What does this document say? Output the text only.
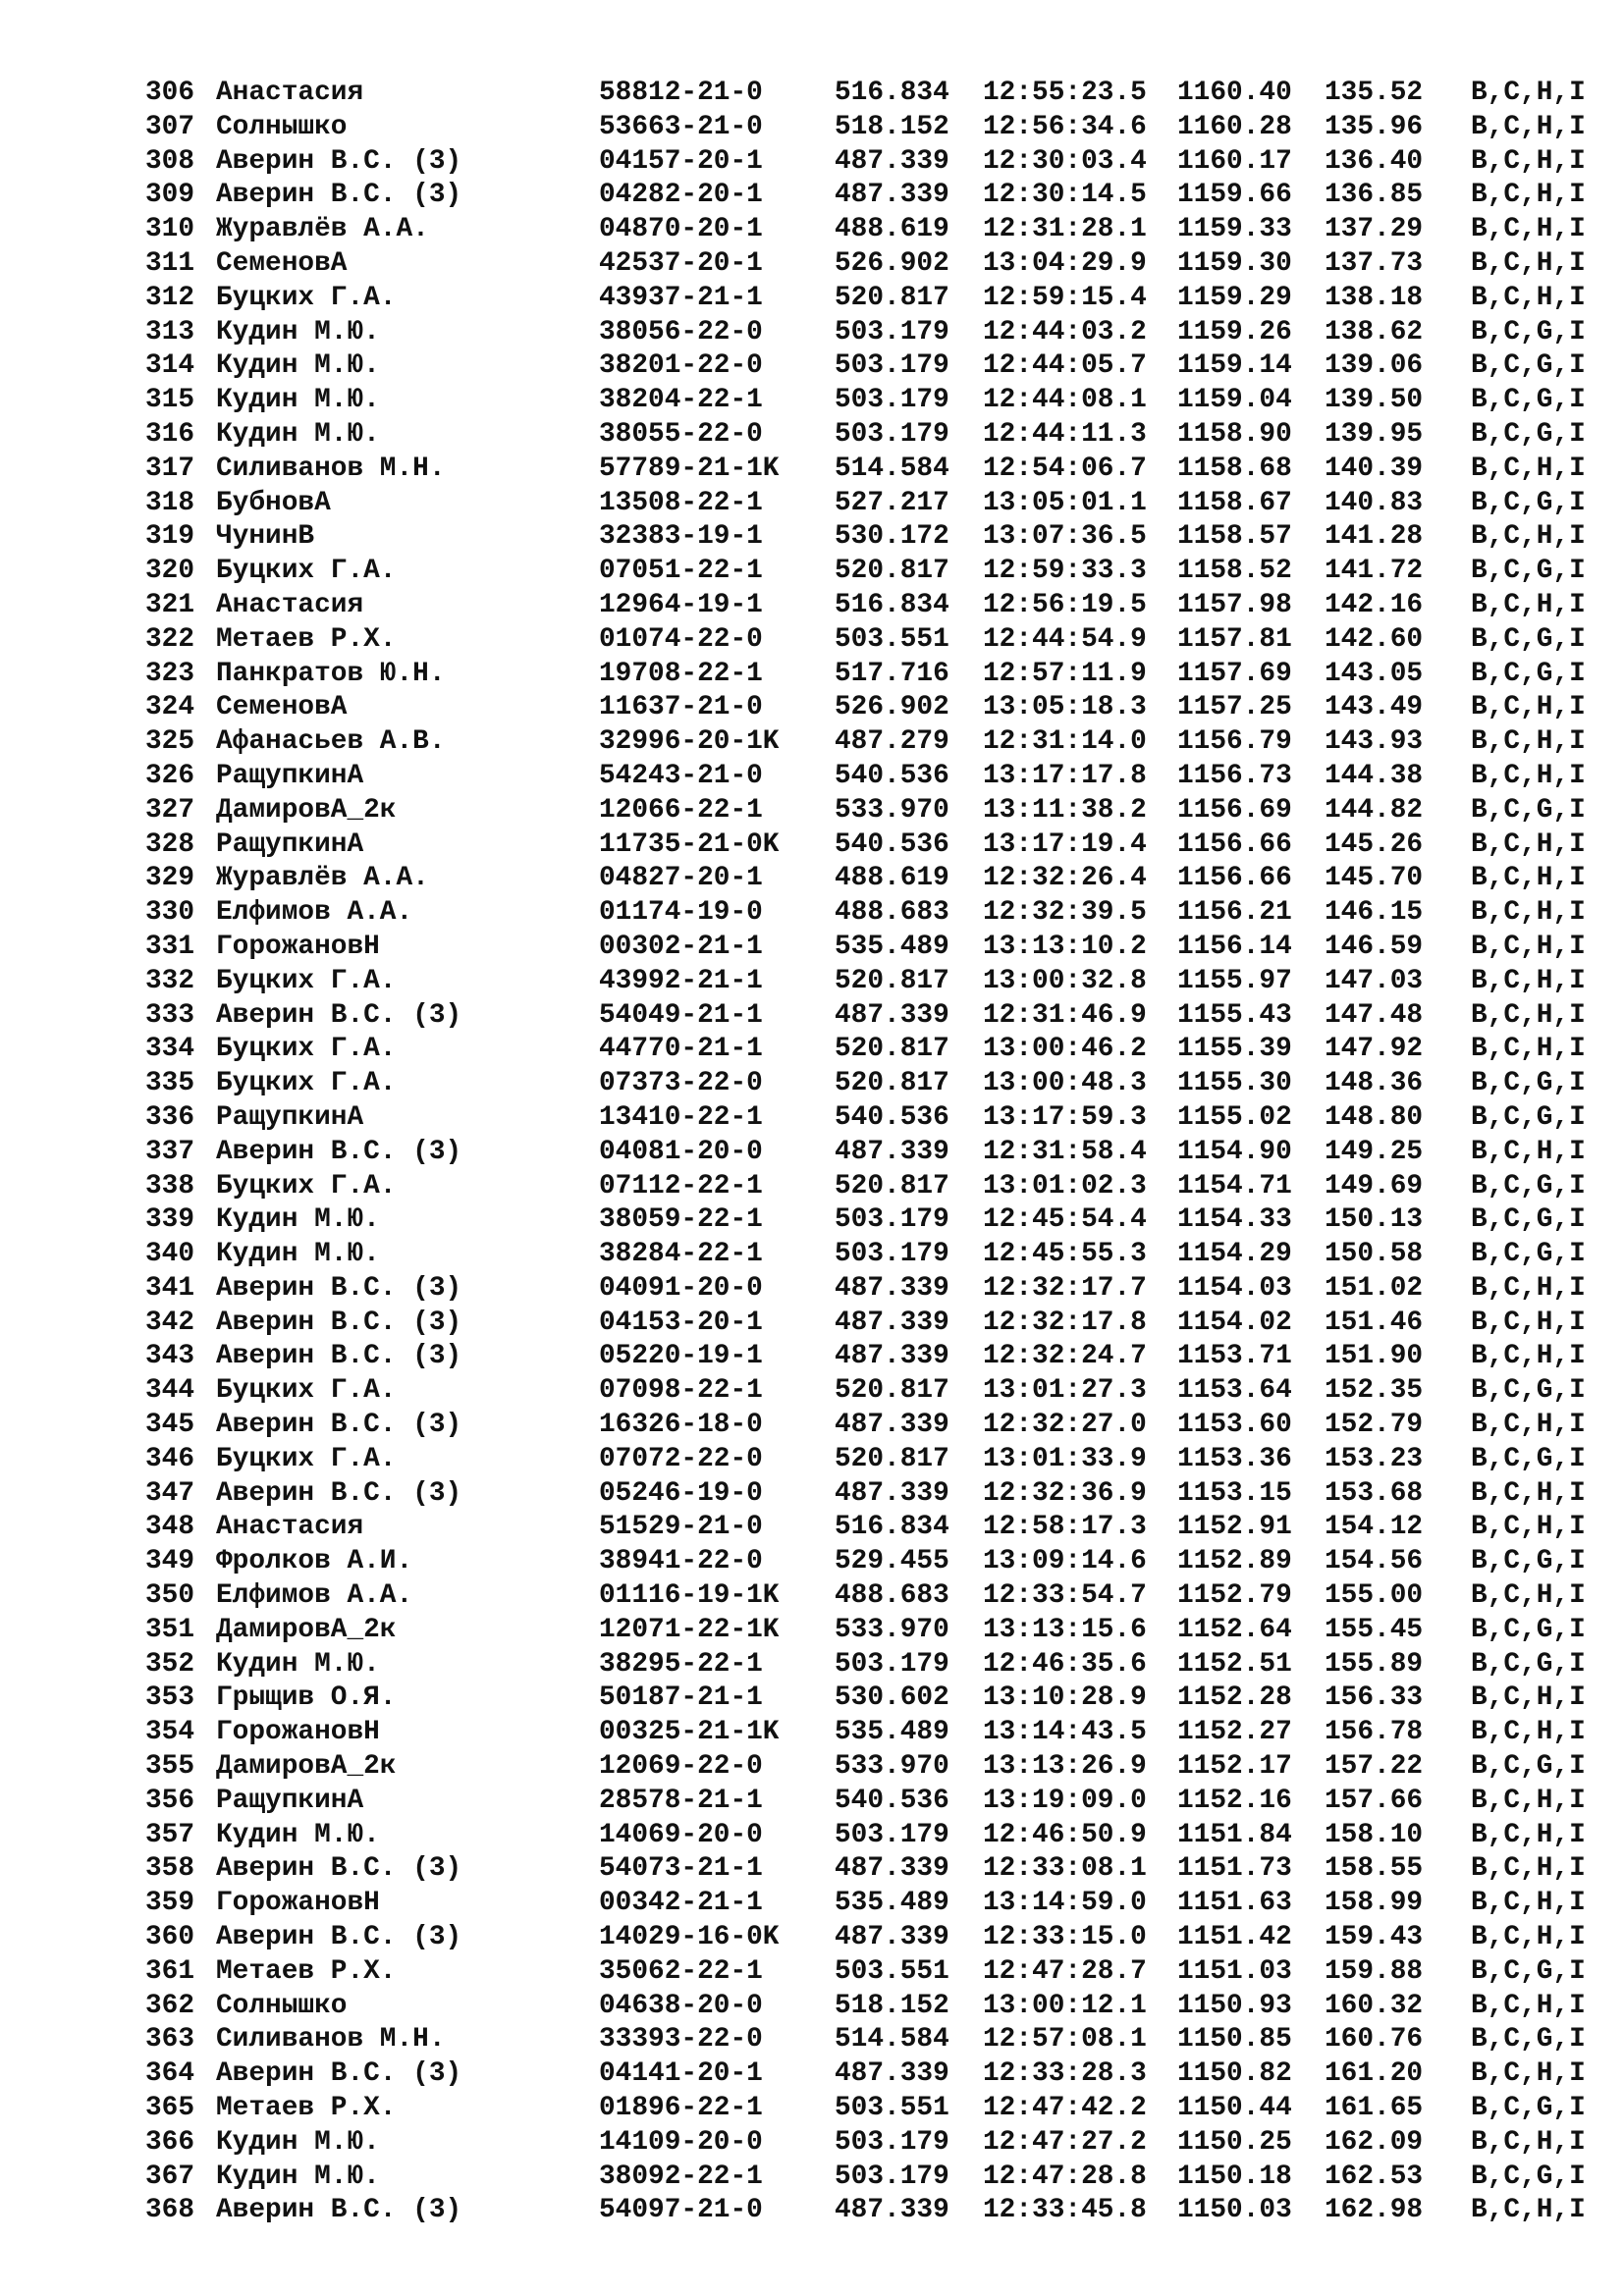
306 Анастасия	58812-21-0	516.834 12:55:23.5 1160.40 135.52 B,C,H,I
307 Солнышко	53663-21-0	518.152 12:56:34.6 1160.28 135.96 B,C,H,I
308 Аверин В.С. (3)	04157-20-1	487.339 12:30:03.4 1160.17 136.40 B,C,H,I
309 Аверин В.С. (3)	04282-20-1	487.339 12:30:14.5 1159.66 136.85 B,C,H,I
310 Журавлёв А.А.	04870-20-1	488.619 12:31:28.1 1159.33 137.29 B,C,H,I
311 СеменовА	42537-20-1	526.902 13:04:29.9 1159.30 137.73 B,C,H,I
312 Буцких Г.А.	43937-21-1	520.817 12:59:15.4 1159.29 138.18 B,C,H,I
313 Кудин М.Ю.	38056-22-0	503.179 12:44:03.2 1159.26 138.62 B,C,G,I
314 Кудин М.Ю.	38201-22-0	503.179 12:44:05.7 1159.14 139.06 B,C,G,I
315 Кудин М.Ю.	38204-22-1	503.179 12:44:08.1 1159.04 139.50 B,C,G,I
316 Кудин М.Ю.	38055-22-0	503.179 12:44:11.3 1158.90 139.95 B,C,G,I
317 Силиванов М.Н.	57789-21-1K 514.584 12:54:06.7 1158.68 140.39 B,C,H,I
318 БубновА	13508-22-1	527.217 13:05:01.1 1158.67 140.83 B,C,G,I
319 ЧунинВ	32383-19-1	530.172 13:07:36.5 1158.57 141.28 B,C,H,I
320 Буцких Г.А.	07051-22-1	520.817 12:59:33.3 1158.52 141.72 B,C,G,I
321 Анастасия	12964-19-1	516.834 12:56:19.5 1157.98 142.16 B,C,H,I
322 Метаев Р.Х.	01074-22-0	503.551 12:44:54.9 1157.81 142.60 B,C,G,I
323 Панкратов Ю.Н.	19708-22-1	517.716 12:57:11.9 1157.69 143.05 B,C,G,I
324 СеменовА	11637-21-0	526.902 13:05:18.3 1157.25 143.49 B,C,H,I
325 Афанасьев А.В.	32996-20-1K 487.279 12:31:14.0 1156.79 143.93 B,C,H,I
326 РащупкинА	54243-21-0	540.536 13:17:17.8 1156.73 144.38 B,C,H,I
327 ДамировА_2к	12066-22-1	533.970 13:11:38.2 1156.69 144.82 B,C,G,I
328 РащупкинА	11735-21-0K 540.536 13:17:19.4 1156.66 145.26 B,C,H,I
329 Журавлёв А.А.	04827-20-1	488.619 12:32:26.4 1156.66 145.70 B,C,H,I
330 Елфимов А.А.	01174-19-0	488.683 12:32:39.5 1156.21 146.15 B,C,H,I
331 ГорожановН	00302-21-1	535.489 13:13:10.2 1156.14 146.59 B,C,H,I
332 Буцких Г.А.	43992-21-1	520.817 13:00:32.8 1155.97 147.03 B,C,H,I
333 Аверин В.С. (3)	54049-21-1	487.339 12:31:46.9 1155.43 147.48 B,C,H,I
334 Буцких Г.А.	44770-21-1	520.817 13:00:46.2 1155.39 147.92 B,C,H,I
335 Буцких Г.А.	07373-22-0	520.817 13:00:48.3 1155.30 148.36 B,C,G,I
336 РащупкинА	13410-22-1	540.536 13:17:59.3 1155.02 148.80 B,C,G,I
337 Аверин В.С. (3)	04081-20-0	487.339 12:31:58.4 1154.90 149.25 B,C,H,I
338 Буцких Г.А.	07112-22-1	520.817 13:01:02.3 1154.71 149.69 B,C,G,I
339 Кудин М.Ю.	38059-22-1	503.179 12:45:54.4 1154.33 150.13 B,C,G,I
340 Кудин М.Ю.	38284-22-1	503.179 12:45:55.3 1154.29 150.58 B,C,G,I
341 Аверин В.С. (3)	04091-20-0	487.339 12:32:17.7 1154.03 151.02 B,C,H,I
342 Аверин В.С. (3)	04153-20-1	487.339 12:32:17.8 1154.02 151.46 B,C,H,I
343 Аверин В.С. (3)	05220-19-1	487.339 12:32:24.7 1153.71 151.90 B,C,H,I
344 Буцких Г.А.	07098-22-1	520.817 13:01:27.3 1153.64 152.35 B,C,G,I
345 Аверин В.С. (3)	16326-18-0	487.339 12:32:27.0 1153.60 152.79 B,C,H,I
346 Буцких Г.А.	07072-22-0	520.817 13:01:33.9 1153.36 153.23 B,C,G,I
347 Аверин В.С. (3)	05246-19-0	487.339 12:32:36.9 1153.15 153.68 B,C,H,I
348 Анастасия	51529-21-0	516.834 12:58:17.3 1152.91 154.12 B,C,H,I
349 Фролков А.И.	38941-22-0	529.455 13:09:14.6 1152.89 154.56 B,C,G,I
350 Елфимов А.А.	01116-19-1K 488.683 12:33:54.7 1152.79 155.00 B,C,H,I
351 ДамировА_2к	12071-22-1K 533.970 13:13:15.6 1152.64 155.45 B,C,G,I
352 Кудин М.Ю.	38295-22-1	503.179 12:46:35.6 1152.51 155.89 B,C,G,I
353 Грыщив О.Я.	50187-21-1	530.602 13:10:28.9 1152.28 156.33 B,C,H,I
354 ГорожановН	00325-21-1K 535.489 13:14:43.5 1152.27 156.78 B,C,H,I
355 ДамировА_2к	12069-22-0	533.970 13:13:26.9 1152.17 157.22 B,C,G,I
356 РащупкинА	28578-21-1	540.536 13:19:09.0 1152.16 157.66 B,C,H,I
357 Кудин М.Ю.	14069-20-0	503.179 12:46:50.9 1151.84 158.10 B,C,H,I
358 Аверин В.С. (3)	54073-21-1	487.339 12:33:08.1 1151.73 158.55 B,C,H,I
359 ГорожановН	00342-21-1	535.489 13:14:59.0 1151.63 158.99 B,C,H,I
360 Аверин В.С. (3)	14029-16-0K 487.339 12:33:15.0 1151.42 159.43 B,C,H,I
361 Метаев Р.Х.	35062-22-1	503.551 12:47:28.7 1151.03 159.88 B,C,G,I
362 Солнышко	04638-20-0	518.152 13:00:12.1 1150.93 160.32 B,C,H,I
363 Силиванов М.Н.	33393-22-0	514.584 12:57:08.1 1150.85 160.76 B,C,G,I
364 Аверин В.С. (3)	04141-20-1	487.339 12:33:28.3 1150.82 161.20 B,C,H,I
365 Метаев Р.Х.	01896-22-1	503.551 12:47:42.2 1150.44 161.65 B,C,G,I
366 Кудин М.Ю.	14109-20-0	503.179 12:47:27.2 1150.25 162.09 B,C,H,I
367 Кудин М.Ю.	38092-22-1	503.179 12:47:28.8 1150.18 162.53 B,C,G,I
368 Аверин В.С. (3)	54097-21-0	487.339 12:33:45.8 1150.03 162.98 B,C,H,I
